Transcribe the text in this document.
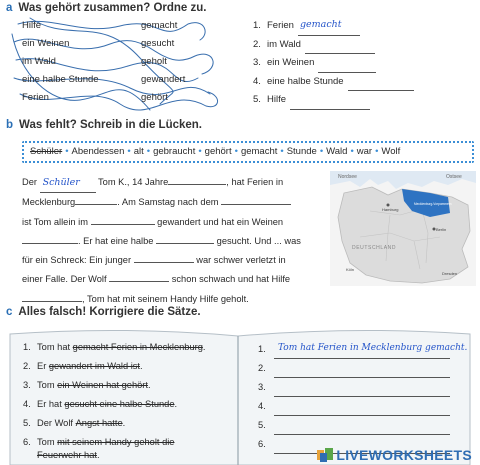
a Was gehört zusammen? Ordne zu.
Hilfe
ein Weinen
im Wald
eine halbe Stunde
Ferien
gemacht
gesucht
geholt
gewandert
gehört
1. Ferien gemacht
2. im Wald
3. ein Weinen
4. eine halbe Stunde
5. Hilfe
b Was fehlt? Schreib in die Lücken.
Schüler • Abendessen • alt • gebraucht • gehört • gemacht • Stunde • Wald • war • Wolf
Der Schüler Tom K., 14 Jahre	, hat Ferien in
Mecklenburg	. Am Samstag nach dem
ist Tom allein im	gewandert und hat ein Weinen
. Er hat eine halbe	gesucht. Und ... was
für ein Schreck: Ein junger	war schwer verletzt in
einer Falle. Der Wolf	schon schwach und hat Hilfe
, Tom hat mit seinem Handy Hilfe geholt.
Nordsee	Ostsee
Hamburg
Mecklenburg-Vorpommern
Berlin
DEUTSCHLAND
Köln
Dresden
c Alles falsch! Korrigiere die Sätze.
1. Tom hat
gemacht Ferien in Mecklenburg .
2. Er
gewandert im Wald ist .
3. Tom
ein Weinen hat gehört .
4. Er hat
gesucht eine halbe Stunde .
5. Der Wolf
Angst hatte .
6. Tom
mit seinem Handy geholt die
Feuerwehr hat .
1.	Tom hat Ferien in Mecklenburg gemacht.
2.
3.
4.
5.
6.
LIVEWORKSHEETS
